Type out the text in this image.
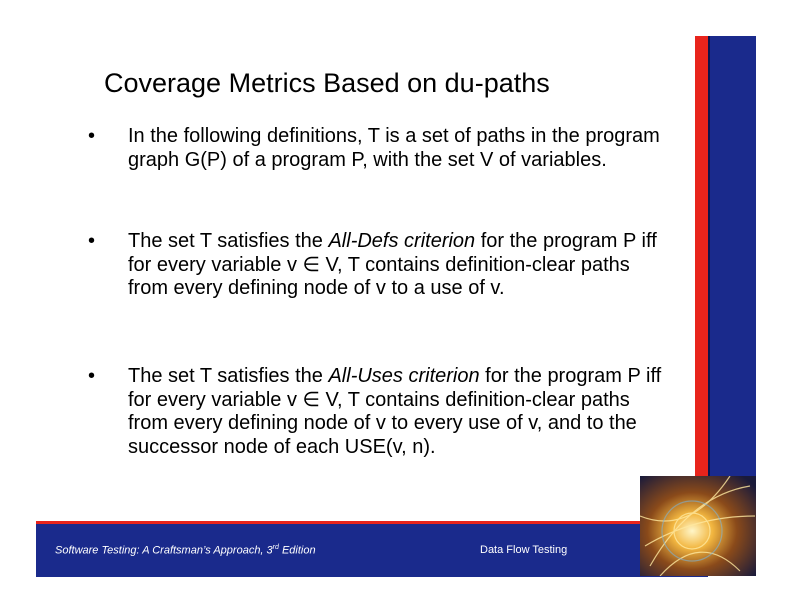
Coverage Metrics Based on du-paths
• In the following definitions, T is a set of paths in the program graph G(P) of a program P, with the set V of variables.
• The set T satisfies the All-Defs criterion for the program P iff for every variable v ∈ V, T contains definition-clear paths from every defining node of v to a use of v.
• The set T satisfies the All-Uses criterion for the program P iff for every variable v ∈ V, T contains definition-clear paths from every defining node of v to every use of v, and to the successor node of each USE(v, n).
Software Testing: A Craftsman’s Approach, 3rd Edition	Data Flow Testing
